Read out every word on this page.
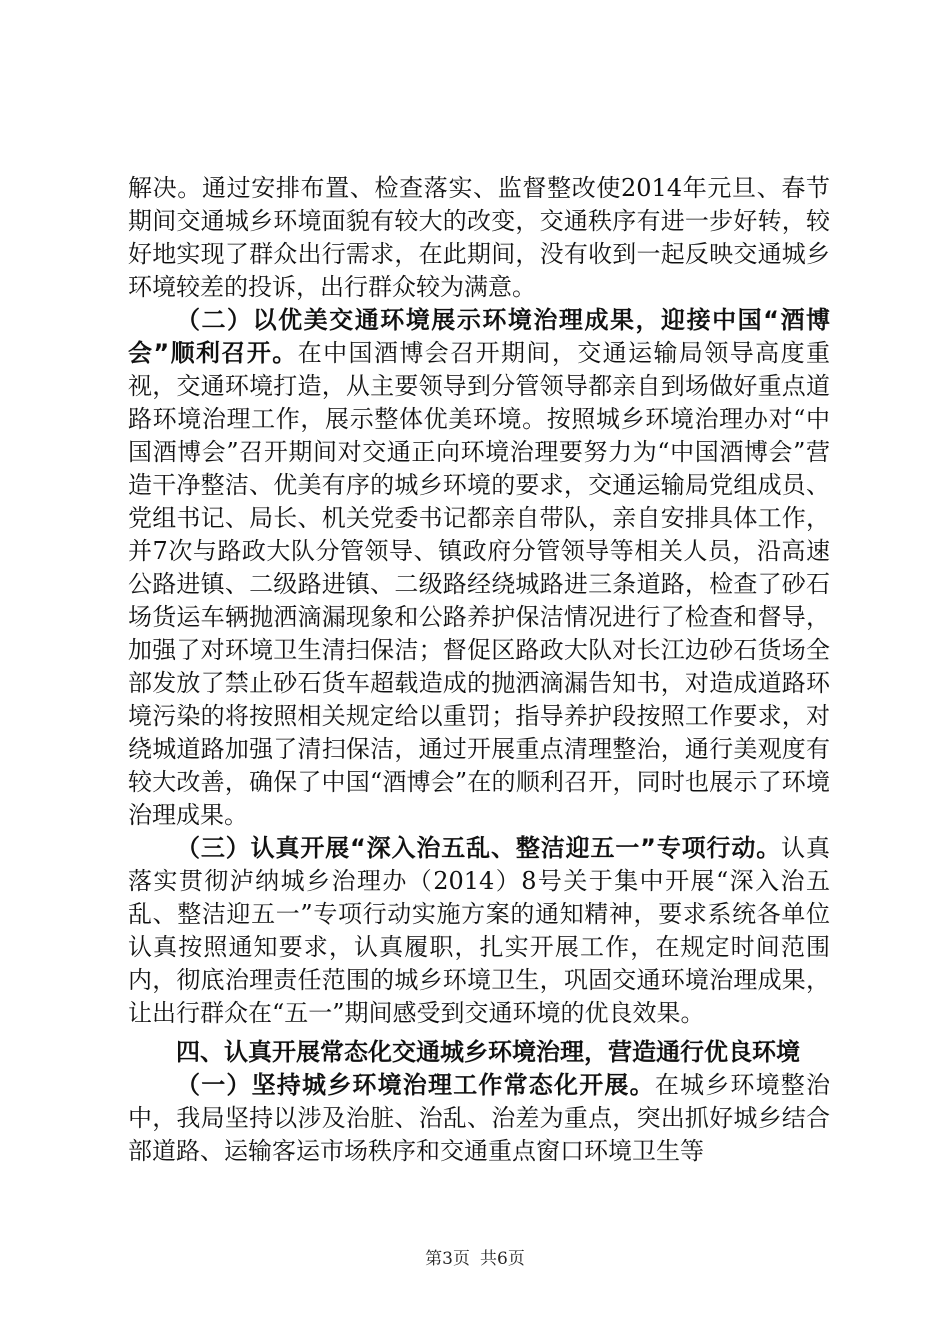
解决。通过安排布置、检查落实、监督整改使2014年元旦、春节期间交通城乡环境面貌有较大的改变，交通秩序有进一步好转，较好地实现了群众出行需求，在此期间，没有收到一起反映交通城乡环境较差的投诉，出行群众较为满意。

（二）以优美交通环境展示环境治理成果，迎接中国“酒博会”顺利召开。在中国酒博会召开期间，交通运输局领导高度重视，交通环境打造，从主要领导到分管领导都亲自到场做好重点道路环境治理工作，展示整体优美环境。按照城乡环境治理办对“中国酒博会”召开期间对交通正向环境治理要努力为“中国酒博会”营造干净整洁、优美有序的城乡环境的要求，交通运输局党组成员、党组书记、局长、机关党委书记都亲自带队，亲自安排具体工作，并7次与路政大队分管领导、镇政府分管领导等相关人员，沿高速公路进镇、二级路进镇、二级路经绕城路进三条道路，检查了砂石场货运车辆抛洒滴漏现象和公路养护保洁情况进行了检查和督导，加强了对环境卫生清扫保洁；督促区路政大队对长江边砂石货场全部发放了禁止砂石货车超载造成的抛洒滴漏告知书，对造成道路环境污染的将按照相关规定给以重罚；指导养护段按照工作要求，对绕城道路加强了清扫保洁，通过开展重点清理整治，通行美观度有较大改善，确保了中国“酒博会”在的顺利召开，同时也展示了环境治理成果。

（三）认真开展“深入治五乱、整洁迎五一”专项行动。认真落实贯彻泸纳城乡治理办（2014）8号关于集中开展“深入治五乱、整洁迎五一”专项行动实施方案的通知精神，要求系统各单位认真按照通知要求，认真履职，扎实开展工作，在规定时间范围内，彻底治理责任范围的城乡环境卫生，巩固交通环境治理成果，让出行群众在“五一”期间感受到交通环境的优良效果。

四、认真开展常态化交通城乡环境治理，营造通行优良环境

（一）坚持城乡环境治理工作常态化开展。在城乡环境整治中，我局坚持以涉及治脏、治乱、治差为重点，突出抓好城乡结合部道路、运输客运市场秩序和交通重点窗口环境卫生等

第3页 共6页
